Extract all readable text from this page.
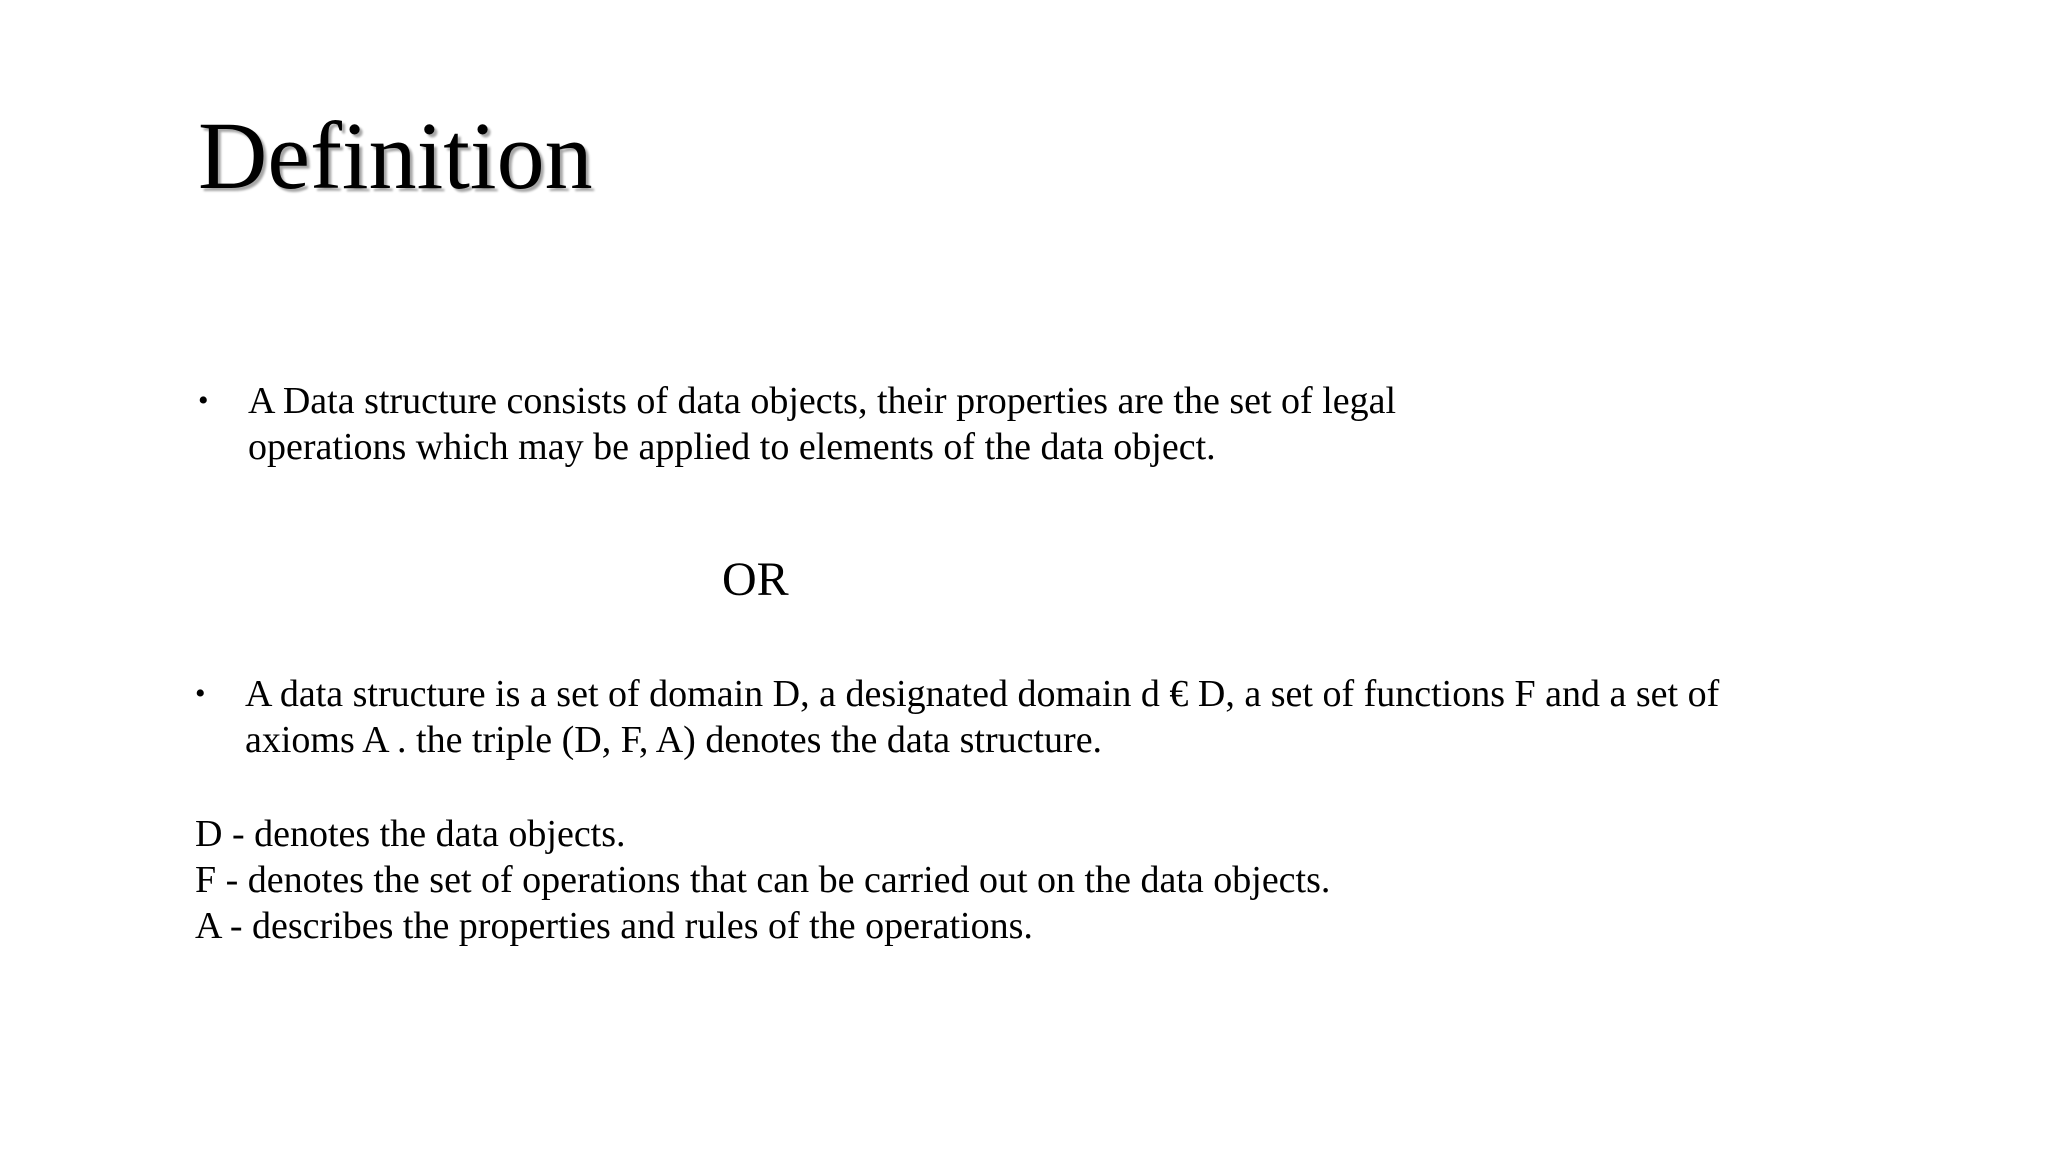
Definition
• A Data structure consists of data objects, their properties are the set of legal
operations which may be applied to elements of the data object.
OR
• A data structure is a set of domain D, a designated domain d € D, a set of functions F and a set of
axioms A . the triple (D, F, A) denotes the data structure.
D - denotes the data objects.
F - denotes the set of operations that can be carried out on the data objects.
A - describes the properties and rules of the operations.
